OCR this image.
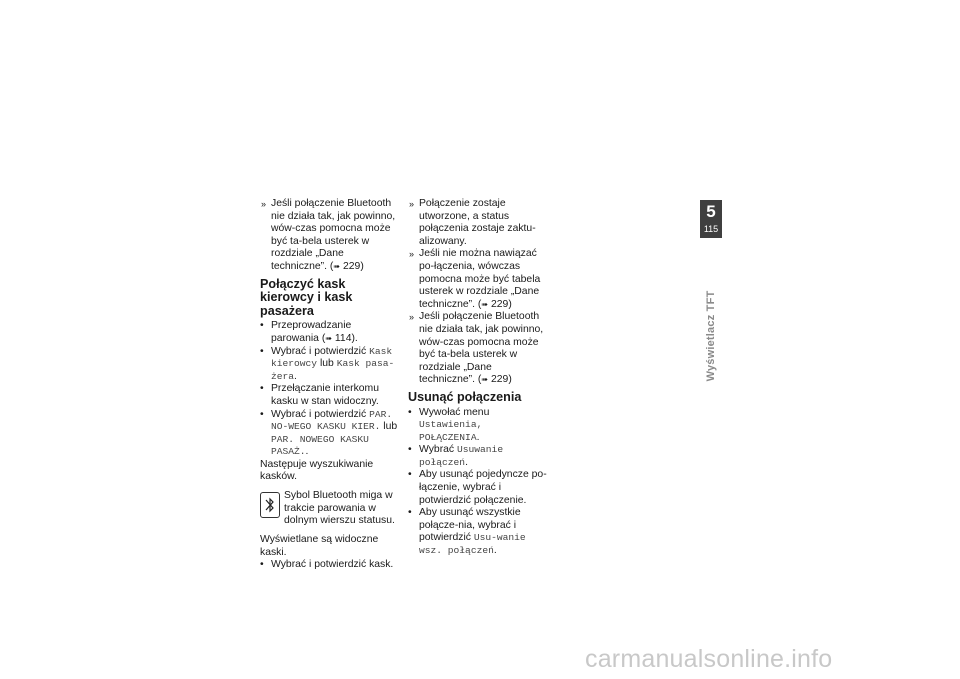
» Jeśli połączenie Bluetooth nie działa tak, jak powinno, wów-czas pomocna może być ta-bela usterek w rozdziale „Dane techniczne”. (➠ 229)
Połączyć kask kierowcy i kask pasażera
• Przeprowadzanie parowania (➠ 114).
• Wybrać i potwierdzić Kask kierowcy lub Kask pasa-żera.
• Przełączanie interkomu kasku w stan widoczny.
• Wybrać i potwierdzić PAR. NO-WEGO KASKU KIER. lub PAR. NOWEGO KASKU PASAŻ..

Następuje wyszukiwanie kasków.

Sybol Bluetooth miga w trakcie parowania w dolnym wierszu statusu.

Wyświetlane są widoczne kaski.

• Wybrać i potwierdzić kask.
» Połączenie zostaje utworzone, a status połączenia zostaje zaktu-alizowany.
» Jeśli nie można nawiązać po-łączenia, wówczas pomocna może być tabela usterek w rozdziale „Dane techniczne”. (➠ 229)
» Jeśli połączenie Bluetooth nie działa tak, jak powinno, wów-czas pomocna może być ta-bela usterek w rozdziale „Dane techniczne”. (➠ 229)
Usunąć połączenia
• Wywołać menu Ustawienia, POŁĄCZENIA.
• Wybrać Usuwanie połączeń.
• Aby usunąć pojedyncze po-łączenie, wybrać i potwierdzić połączenie.
• Aby usunąć wszystkie połącze-nia, wybrać i potwierdzić Usu-wanie wsz. połączeń.
5
115
Wyświetlacz TFT
carmanualsonline.info
